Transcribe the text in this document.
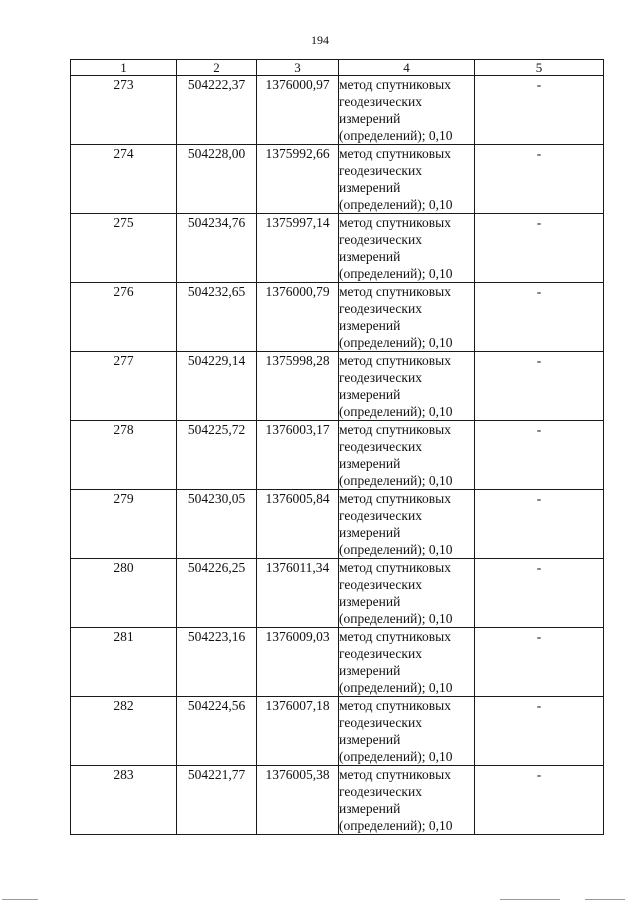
194
1	2	3	4	5
273	504222,37	1376000,97	метод спутниковых
геодезических
измерений
(определений); 0,10	-
274	504228,00	1375992,66	метод спутниковых
геодезических
измерений
(определений); 0,10	-
275	504234,76	1375997,14	метод спутниковых
геодезических
измерений
(определений); 0,10	-
276	504232,65	1376000,79	метод спутниковых
геодезических
измерений
(определений); 0,10	-
277	504229,14	1375998,28	метод спутниковых
геодезических
измерений
(определений); 0,10	-
278	504225,72	1376003,17	метод спутниковых
геодезических
измерений
(определений); 0,10	-
279	504230,05	1376005,84	метод спутниковых
геодезических
измерений
(определений); 0,10	-
280	504226,25	1376011,34	метод спутниковых
геодезических
измерений
(определений); 0,10	-
281	504223,16	1376009,03	метод спутниковых
геодезических
измерений
(определений); 0,10	-
282	504224,56	1376007,18	метод спутниковых
геодезических
измерений
(определений); 0,10	-
283	504221,77	1376005,38	метод спутниковых
геодезических
измерений
(определений); 0,10	-
